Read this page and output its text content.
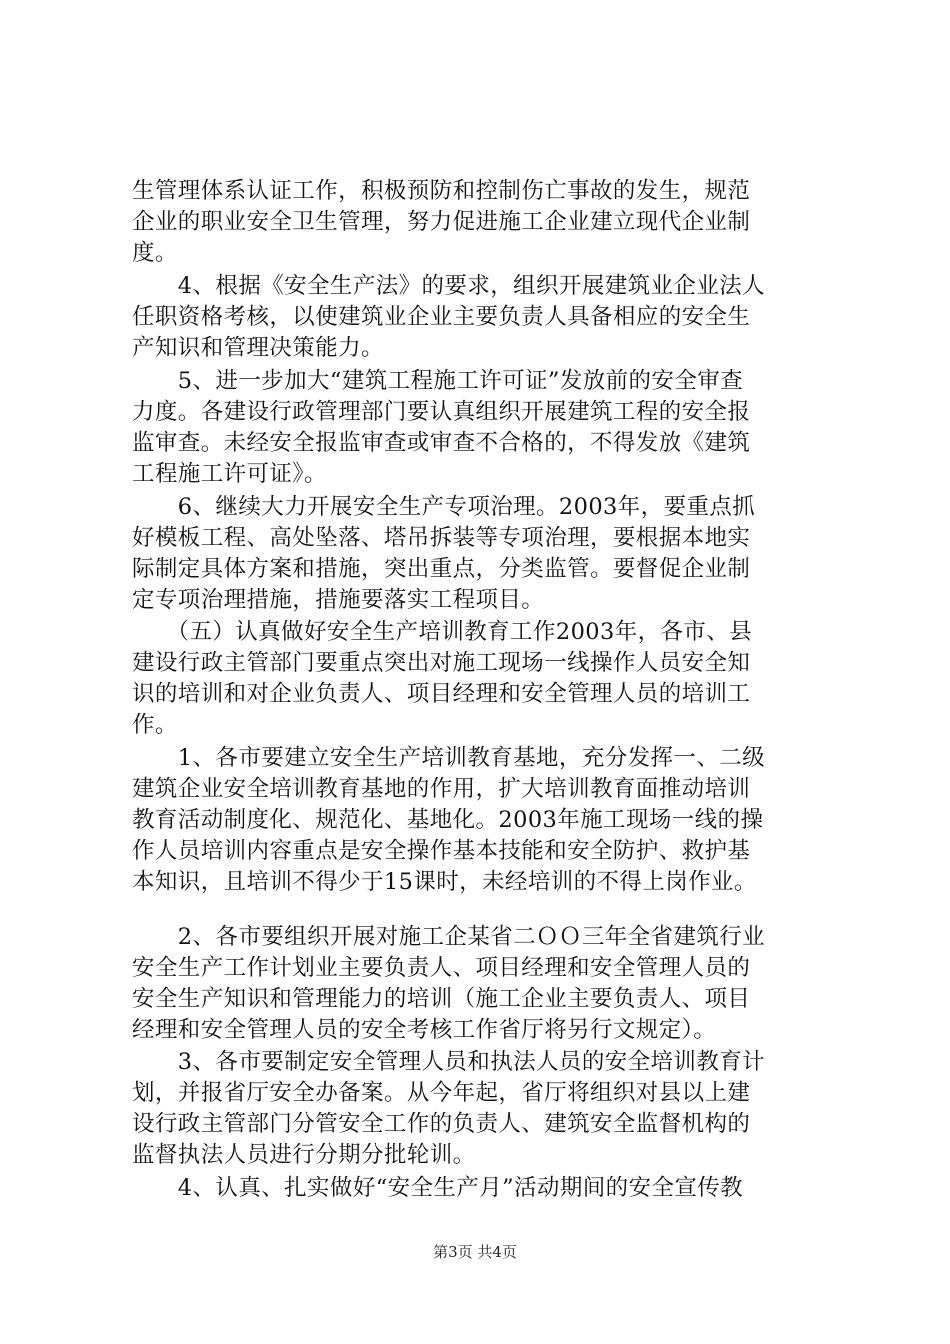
生管理体系认证工作，积极预防和控制伤亡事故的发生，规范
企业的职业安全卫生管理，努力促进施工企业建立现代企业制
度。
　　4、根据《安全生产法》的要求，组织开展建筑业企业法人
任职资格考核，以使建筑业企业主要负责人具备相应的安全生
产知识和管理决策能力。
　　5、进一步加大“建筑工程施工许可证”发放前的安全审查
力度。各建设行政管理部门要认真组织开展建筑工程的安全报
监审查。未经安全报监审查或审查不合格的，不得发放《建筑
工程施工许可证》。
　　6、继续大力开展安全生产专项治理。2003年，要重点抓
好模板工程、高处坠落、塔吊拆装等专项治理，要根据本地实
际制定具体方案和措施，突出重点，分类监管。要督促企业制
定专项治理措施，措施要落实工程项目。
　　（五）认真做好安全生产培训教育工作2003年，各市、县
建设行政主管部门要重点突出对施工现场一线操作人员安全知
识的培训和对企业负责人、项目经理和安全管理人员的培训工
作。
　　1、各市要建立安全生产培训教育基地，充分发挥一、二级
建筑企业安全培训教育基地的作用，扩大培训教育面推动培训
教育活动制度化、规范化、基地化。2003年施工现场一线的操
作人员培训内容重点是安全操作基本技能和安全防护、救护基
本知识，且培训不得少于15课时，未经培训的不得上岗作业。
　　2、各市要组织开展对施工企某省二ＯＯ三年全省建筑行业
安全生产工作计划业主要负责人、项目经理和安全管理人员的
安全生产知识和管理能力的培训（施工企业主要负责人、项目
经理和安全管理人员的安全考核工作省厅将另行文规定）。
　　3、各市要制定安全管理人员和执法人员的安全培训教育计
划，并报省厅安全办备案。从今年起，省厅将组织对县以上建
设行政主管部门分管安全工作的负责人、建筑安全监督机构的
监督执法人员进行分期分批轮训。
　　4、认真、扎实做好“安全生产月”活动期间的安全宣传教
第3页 共4页
